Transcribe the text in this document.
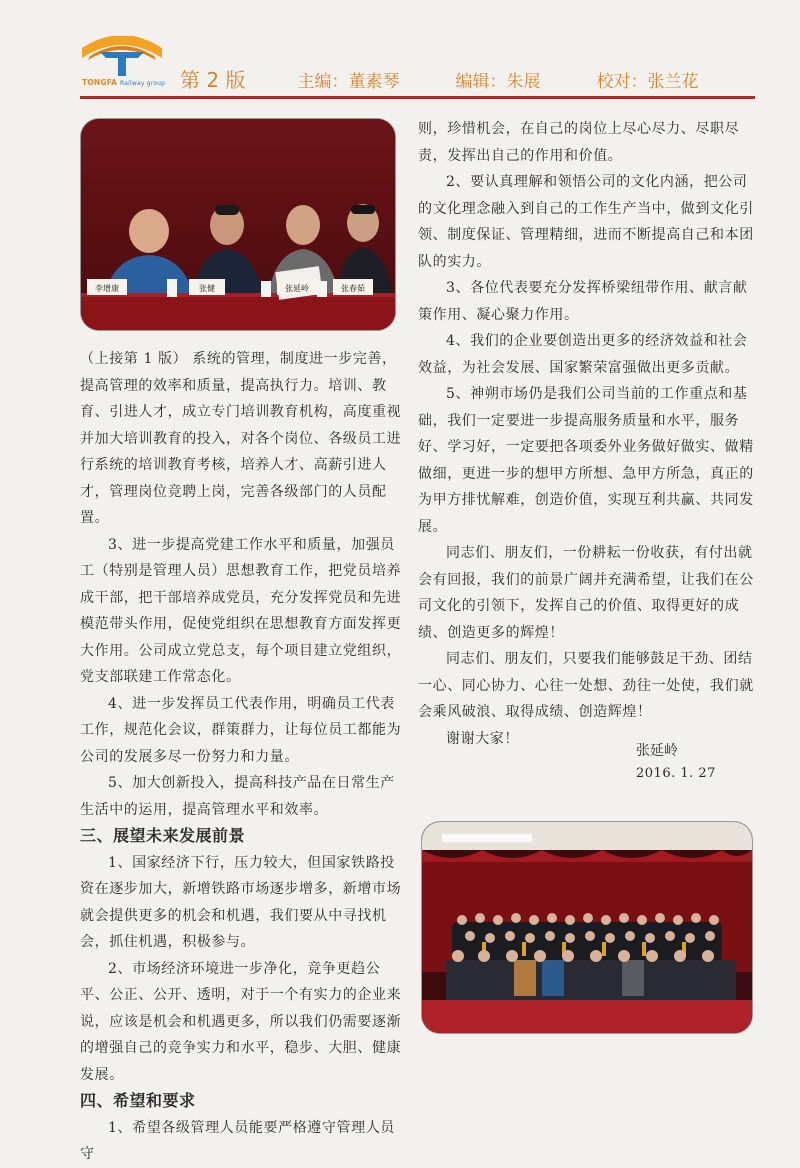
TONGFA Railway group 第 2 版	主编：董素琴	编辑：朱展	校对：张兰花
李增康	张健	张延岭	张春茹

（上接第 1 版） 系统的管理，制度进一步完善，提高管理的效率和质量，提高执行力。培训、教育、引进人才，成立专门培训教育机构，高度重视并加大培训教育的投入，对各个岗位、各级员工进行系统的培训教育考核，培养人才、高薪引进人才，管理岗位竞聘上岗，完善各级部门的人员配置。

3、进一步提高党建工作水平和质量，加强员工（特别是管理人员）思想教育工作，把党员培养成干部，把干部培养成党员，充分发挥党员和先进模范带头作用，促使党组织在思想教育方面发挥更大作用。公司成立党总支，每个项目建立党组织，党支部联建工作常态化。

4、进一步发挥员工代表作用，明确员工代表工作，规范化会议，群策群力，让每位员工都能为公司的发展多尽一份努力和力量。

5、加大创新投入，提高科技产品在日常生产生活中的运用，提高管理水平和效率。

三、展望未来发展前景

1、国家经济下行，压力较大，但国家铁路投资在逐步加大，新增铁路市场逐步增多，新增市场就会提供更多的机会和机遇，我们要从中寻找机会，抓住机遇，积极参与。

2、市场经济环境进一步净化，竞争更趋公平、公正、公开、透明，对于一个有实力的企业来说，应该是机会和机遇更多，所以我们仍需要逐渐的增强自己的竞争实力和水平，稳步、大胆、健康发展。

四、希望和要求

1、希望各级管理人员能要严格遵守管理人员守

则，珍惜机会，在自己的岗位上尽心尽力、尽职尽责，发挥出自己的作用和价值。

2、要认真理解和领悟公司的文化内涵，把公司的文化理念融入到自己的工作生产当中，做到文化引领、制度保证、管理精细，进而不断提高自己和本团队的实力。

3、各位代表要充分发挥桥梁纽带作用、献言献策作用、凝心聚力作用。

4、我们的企业要创造出更多的经济效益和社会效益，为社会发展、国家繁荣富强做出更多贡献。

5、神朔市场仍是我们公司当前的工作重点和基础，我们一定要进一步提高服务质量和水平，服务好、学习好，一定要把各项委外业务做好做实、做精做细，更进一步的想甲方所想、急甲方所急，真正的为甲方排忧解难，创造价值，实现互利共赢、共同发展。

同志们、朋友们，一份耕耘一份收获，有付出就会有回报，我们的前景广阔并充满希望，让我们在公司文化的引领下，发挥自己的价值、取得更好的成绩、创造更多的辉煌！

同志们、朋友们，只要我们能够鼓足干劲、团结一心、同心协力、心往一处想、劲往一处使，我们就会乘风破浪、取得成绩、创造辉煌！

谢谢大家！

张延岭
2016. 1. 27
